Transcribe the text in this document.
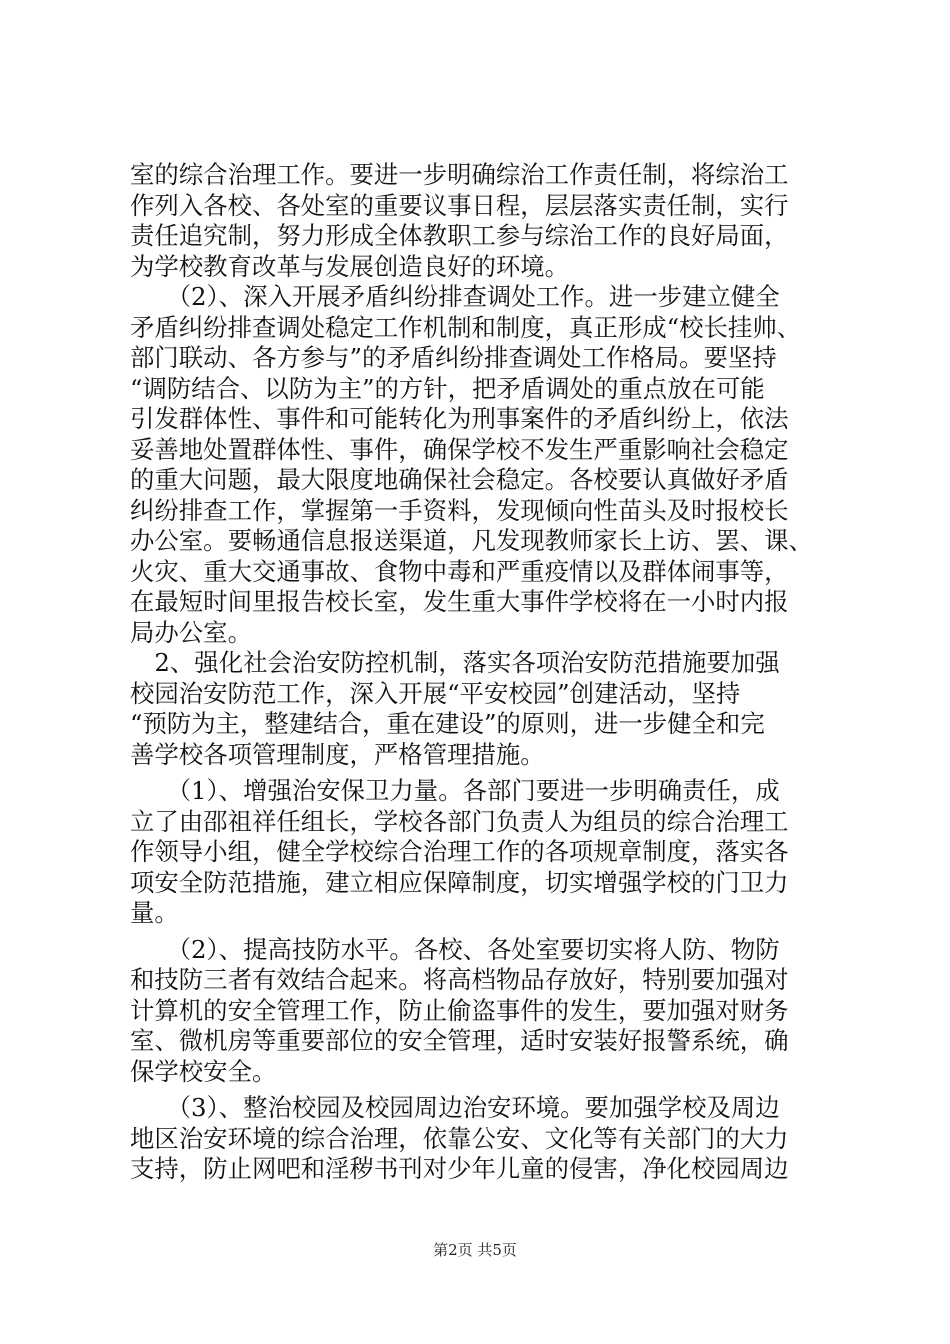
室的综合治理工作。要进一步明确综治工作责任制，将综治工
作列入各校、各处室的重要议事日程，层层落实责任制，实行
责任追究制，努力形成全体教职工参与综治工作的良好局面，
为学校教育改革与发展创造良好的环境。
　　（2）、深入开展矛盾纠纷排查调处工作。进一步建立健全
矛盾纠纷排查调处稳定工作机制和制度，真正形成“校长挂帅、
部门联动、各方参与”的矛盾纠纷排查调处工作格局。要坚持
“调防结合、以防为主”的方针，把矛盾调处的重点放在可能
引发群体性、事件和可能转化为刑事案件的矛盾纠纷上，依法
妥善地处置群体性、事件，确保学校不发生严重影响社会稳定
的重大问题，最大限度地确保社会稳定。各校要认真做好矛盾
纠纷排查工作，掌握第一手资料，发现倾向性苗头及时报校长
办公室。要畅通信息报送渠道，凡发现教师家长上访、罢、课、
火灾、重大交通事故、食物中毒和严重疫情以及群体闹事等，
在最短时间里报告校长室，发生重大事件学校将在一小时内报
局办公室。
　2、强化社会治安防控机制，落实各项治安防范措施要加强
校园治安防范工作，深入开展“平安校园”创建活动，坚持
“预防为主，整建结合，重在建设”的原则，进一步健全和完
善学校各项管理制度，严格管理措施。
　　（1）、增强治安保卫力量。各部门要进一步明确责任，成
立了由邵祖祥任组长，学校各部门负责人为组员的综合治理工
作领导小组，健全学校综合治理工作的各项规章制度，落实各
项安全防范措施，建立相应保障制度，切实增强学校的门卫力
量。
　　（2）、提高技防水平。各校、各处室要切实将人防、物防
和技防三者有效结合起来。将高档物品存放好，特别要加强对
计算机的安全管理工作，防止偷盗事件的发生，要加强对财务
室、微机房等重要部位的安全管理，适时安装好报警系统，确
保学校安全。
　　（3）、整治校园及校园周边治安环境。要加强学校及周边
地区治安环境的综合治理，依靠公安、文化等有关部门的大力
支持，防止网吧和淫秽书刊对少年儿童的侵害，净化校园周边
第2页 共5页
